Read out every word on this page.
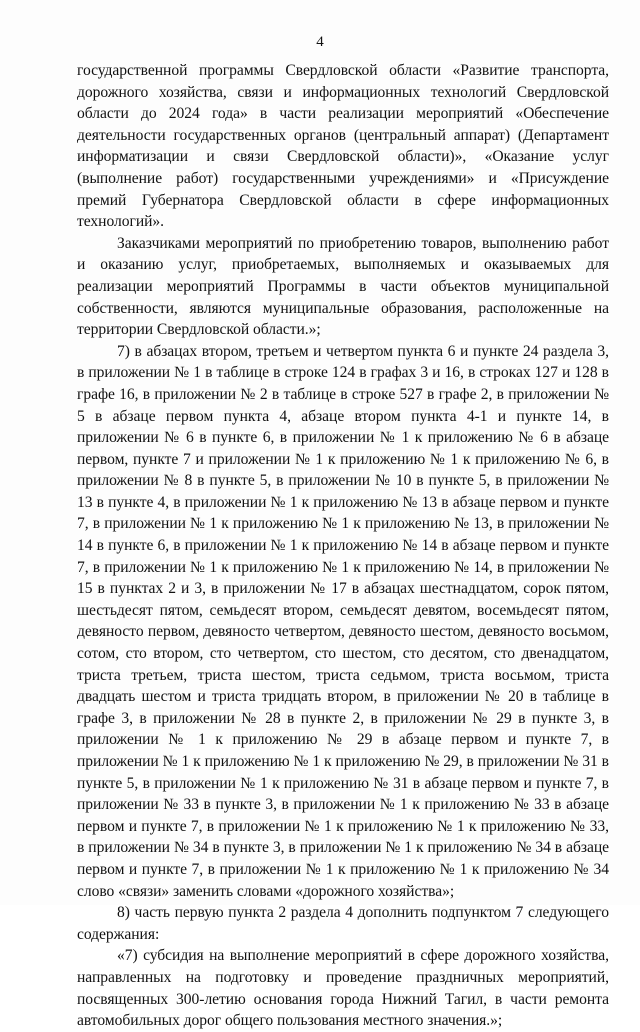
4

государственной программы Свердловской области «Развитие транспорта, дорожного хозяйства, связи и информационных технологий Свердловской области до 2024 года» в части реализации мероприятий «Обеспечение деятельности государственных органов (центральный аппарат) (Департамент информатизации и связи Свердловской области)», «Оказание услуг (выполнение работ) государственными учреждениями» и «Присуждение премий Губернатора Свердловской области в сфере информационных технологий».

Заказчиками мероприятий по приобретению товаров, выполнению работ и оказанию услуг, приобретаемых, выполняемых и оказываемых для реализации мероприятий Программы в части объектов муниципальной собственности, являются муниципальные образования, расположенные на территории Свердловской области.»;

7) в абзацах втором, третьем и четвертом пункта 6 и пункте 24 раздела 3, в приложении № 1 в таблице в строке 124 в графах 3 и 16, в строках 127 и 128 в графе 16, в приложении № 2 в таблице в строке 527 в графе 2, в приложении № 5 в абзаце первом пункта 4, абзаце втором пункта 4-1 и пункте 14, в приложении № 6 в пункте 6, в приложении № 1 к приложению № 6 в абзаце первом, пункте 7 и приложении № 1 к приложению № 1 к приложению № 6, в приложении № 8 в пункте 5, в приложении № 10 в пункте 5, в приложении № 13 в пункте 4, в приложении № 1 к приложению № 13 в абзаце первом и пункте 7, в приложении № 1 к приложению № 1 к приложению № 13, в приложении № 14 в пункте 6, в приложении № 1 к приложению № 14 в абзаце первом и пункте 7, в приложении № 1 к приложению № 1 к приложению № 14, в приложении № 15 в пунктах 2 и 3, в приложении № 17 в абзацах шестнадцатом, сорок пятом, шестьдесят пятом, семьдесят втором, семьдесят девятом, восемьдесят пятом, девяносто первом, девяносто четвертом, девяносто шестом, девяносто восьмом, сотом, сто втором, сто четвертом, сто шестом, сто десятом, сто двенадцатом, триста третьем, триста шестом, триста седьмом, триста восьмом, триста двадцать шестом и триста тридцать втором, в приложении № 20 в таблице в графе 3, в приложении № 28 в пункте 2, в приложении № 29 в пункте 3, в приложении № 1 к приложению № 29 в абзаце первом и пункте 7, в приложении № 1 к приложению № 1 к приложению № 29, в приложении № 31 в пункте 5, в приложении № 1 к приложению № 31 в абзаце первом и пункте 7, в приложении № 33 в пункте 3, в приложении № 1 к приложению № 33 в абзаце первом и пункте 7, в приложении № 1 к приложению № 1 к приложению № 33, в приложении № 34 в пункте 3, в приложении № 1 к приложению № 34 в абзаце первом и пункте 7, в приложении № 1 к приложению № 1 к приложению № 34 слово «связи» заменить словами «дорожного хозяйства»;

8) часть первую пункта 2 раздела 4 дополнить подпунктом 7 следующего содержания:

«7) субсидия на выполнение мероприятий в сфере дорожного хозяйства, направленных на подготовку и проведение праздничных мероприятий, посвященных 300-летию основания города Нижний Тагил, в части ремонта автомобильных дорог общего пользования местного значения.»;
